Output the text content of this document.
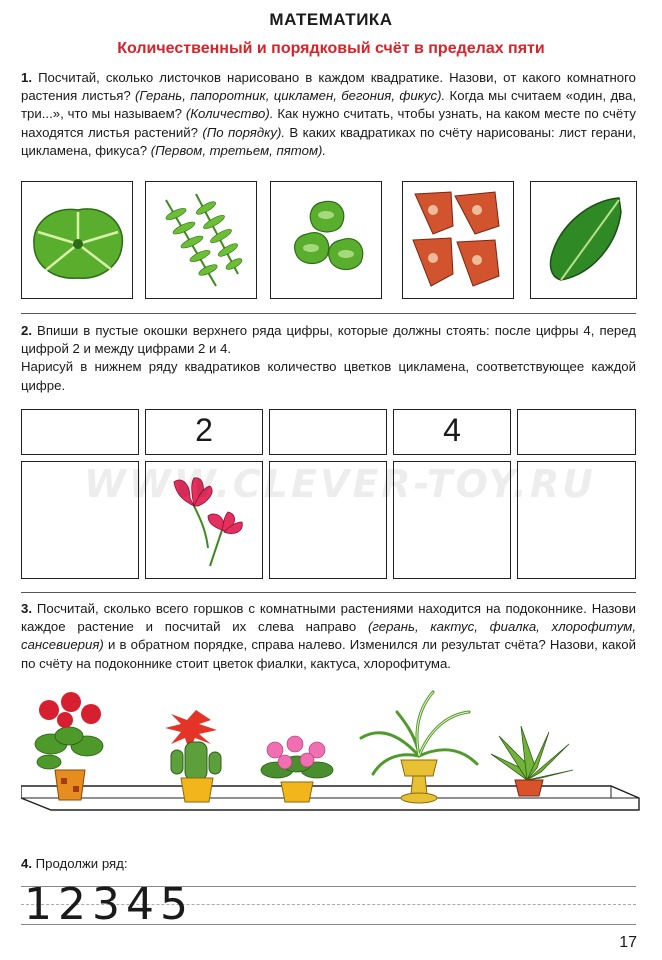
МАТЕМАТИКА
Количественный и порядковый счёт в пределах пяти
1. Посчитай, сколько листочков нарисовано в каждом квадратике. Назови, от какого комнатного растения листья? (Герань, папоротник, цикламен, бегония, фикус). Когда мы считаем «один, два, три...», что мы называем? (Количество). Как нужно считать, чтобы узнать, на каком месте по счёту находятся листья растений? (По порядку). В каких квадратиках по счёту нарисованы: лист герани, цикламена, фикуса? (Первом, третьем, пятом).
2. Впиши в пустые окошки верхнего ряда цифры, которые должны стоять: после цифры 4, перед цифрой 2 и между цифрами 2 и 4.
Нарисуй в нижнем ряду квадратиков количество цветков цикламена, соответствующее каждой цифре.
2	4
3. Посчитай, сколько всего горшков с комнатными растениями находится на подоконнике. Назови каждое растение и посчитай их слева направо (герань, кактус, фиалка, хлорофитум, сансевиерия) и в обратном порядке, справа налево. Изменился ли результат счёта? Назови, какой по счёту на подоконнике стоит цветок фиалки, кактуса, хлорофитума.
4. Продолжи ряд:
12345
17
